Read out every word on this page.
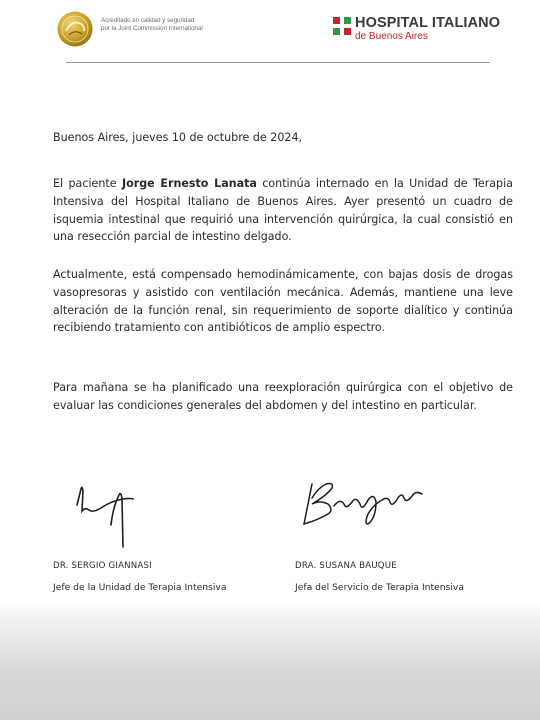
Acreditado en calidad y seguridad
por la Joint Commission International	HOSPITAL ITALIANO
de Buenos Aires
Buenos Aires, jueves 10 de octubre de 2024,
El paciente Jorge Ernesto Lanata continúa internado en la Unidad de Terapia Intensiva del Hospital Italiano de Buenos Aires. Ayer presentó un cuadro de isquemia intestinal que requirió una intervención quirúrgica, la cual consistió en una resección parcial de intestino delgado.
Actualmente, está compensado hemodinámicamente, con bajas dosis de drogas vasopresoras y asistido con ventilación mecánica. Además, mantiene una leve alteración de la función renal, sin requerimiento de soporte dialítico y continúa recibiendo tratamiento con antibióticos de amplio espectro.
Para mañana se ha planificado una reexploración quirúrgica con el objetivo de evaluar las condiciones generales del abdomen y del intestino en particular.
DR. SERGIO GIANNASI
Jefe de la Unidad de Terapia Intensiva
DRA. SUSANA BAUQUE
Jefa del Servicio de Terapia Intensiva
